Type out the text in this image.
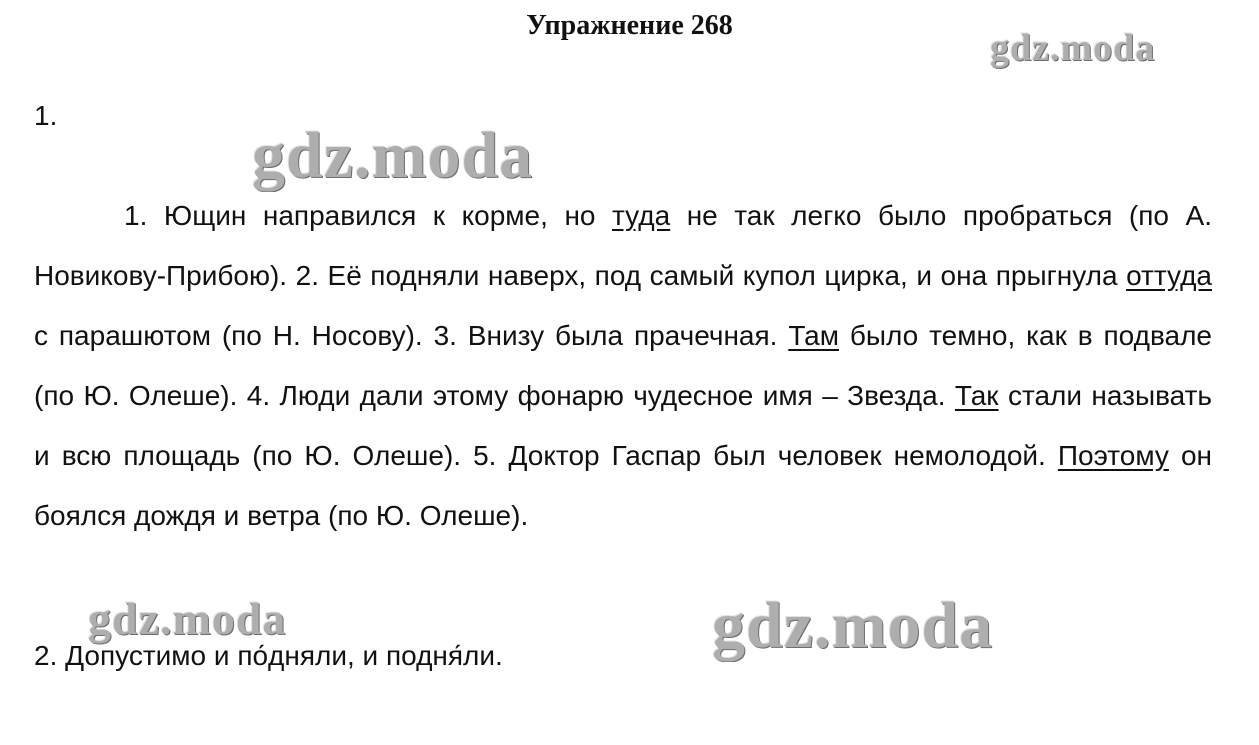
Упражнение 268
1.

1. Ющин направился к корме, но туда не так легко было пробраться (по А. Новикову-Прибою). 2. Её подняли наверх, под самый купол цирка, и она прыгнула оттуда с парашютом (по Н. Носову). 3. Внизу была прачечная. Там было темно, как в подвале (по Ю. Олеше). 4. Люди дали этому фонарю чудесное имя – Звезда. Так стали называть и всю площадь (по Ю. Олеше). 5. Доктор Гаспар был человек немолодой. Поэтому он боялся дождя и ветра (по Ю. Олеше).

2. Допустимо и по́дняли, и подня́ли.

gdz.moda
gdz.moda
gdz.moda	gdz.moda
